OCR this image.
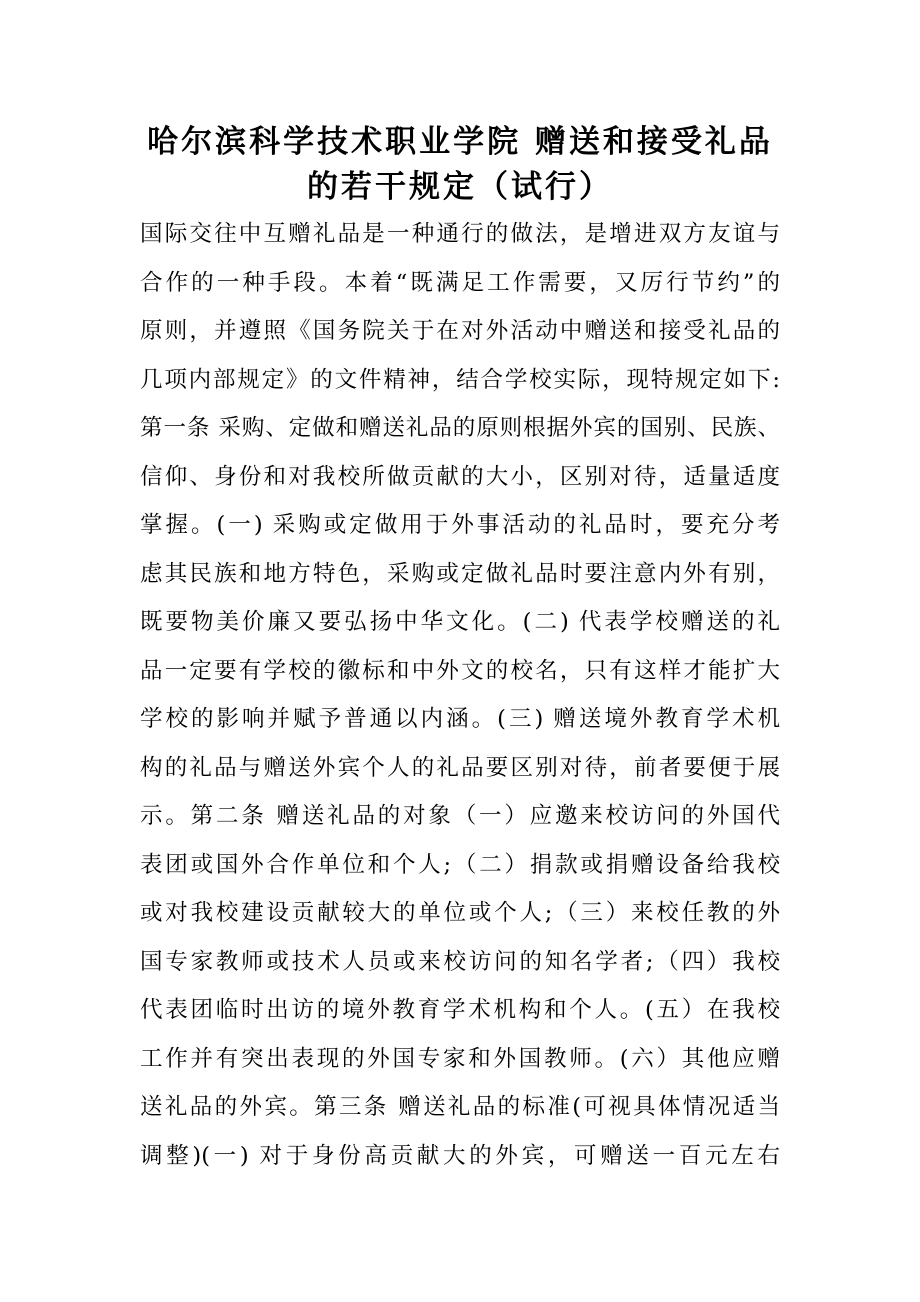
哈尔滨科学技术职业学院 赠送和接受礼品
的若干规定（试行）
国际交往中互赠礼品是一种通行的做法，是增进双方友谊与
合作的一种手段。本着“既满足工作需要，又厉行节约”的
原则，并遵照《国务院关于在对外活动中赠送和接受礼品的
几项内部规定》的文件精神，结合学校实际，现特规定如下:
第一条 采购、定做和赠送礼品的原则根据外宾的国别、民族、
信仰、身份和对我校所做贡献的大小，区别对待，适量适度
掌握。(一) 采购或定做用于外事活动的礼品时，要充分考
虑其民族和地方特色，采购或定做礼品时要注意内外有别，
既要物美价廉又要弘扬中华文化。(二) 代表学校赠送的礼
品一定要有学校的徽标和中外文的校名，只有这样才能扩大
学校的影响并赋予普通以内涵。(三) 赠送境外教育学术机
构的礼品与赠送外宾个人的礼品要区别对待，前者要便于展
示。第二条 赠送礼品的对象（一）应邀来校访问的外国代
表团或国外合作单位和个人;（二）捐款或捐赠设备给我校
或对我校建设贡献较大的单位或个人;（三）来校任教的外
国专家教师或技术人员或来校访问的知名学者;（四）我校
代表团临时出访的境外教育学术机构和个人。(五）在我校
工作并有突出表现的外国专家和外国教师。(六）其他应赠
送礼品的外宾。第三条 赠送礼品的标准(可视具体情况适当
调整)(一) 对于身份高贡献大的外宾，可赠送一百元左右
